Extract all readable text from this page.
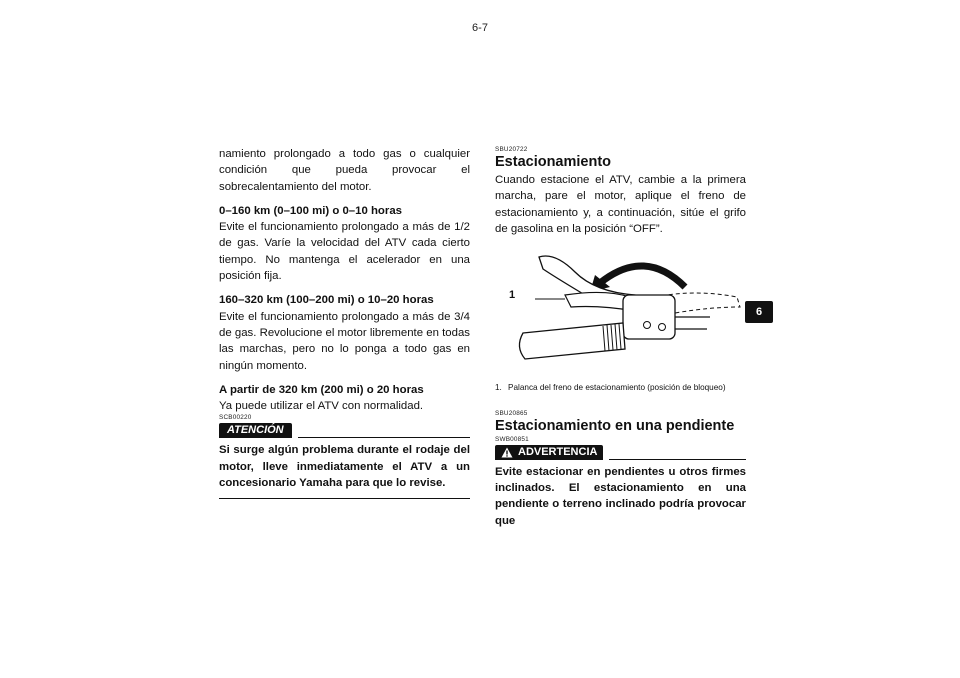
6-7

namiento prolongado a todo gas o cualquier condición que pueda provocar el sobrecalentamiento del motor.

0–160 km (0–100 mi) o 0–10 horas

Evite el funcionamiento prolongado a más de 1/2 de gas. Varíe la velocidad del ATV cada cierto tiempo. No mantenga el acelerador en una posición fija.

160–320 km (100–200 mi) o 10–20 horas

Evite el funcionamiento prolongado a más de 3/4 de gas. Revolucione el motor libremente en todas las marchas, pero no lo ponga a todo gas en ningún momento.

A partir de 320 km (200 mi) o 20 horas

Ya puede utilizar el ATV con normalidad.

SCB00220
ATENCIÓN

Si surge algún problema durante el rodaje del motor, lleve inmediatamente el ATV a un concesionario Yamaha para que lo revise.

SBU20722
Estacionamiento

Cuando estacione el ATV, cambie a la primera marcha, pare el motor, aplique el freno de estacionamiento y, a continuación, sitúe el grifo de gasolina en la posición “OFF”.

1
1. Palanca del freno de estacionamiento (posición de bloqueo)
SBU20865
Estacionamiento en una pendiente
SWB00851
ADVERTENCIA

Evite estacionar en pendientes u otros firmes inclinados. El estacionamiento en una pendiente o terreno inclinado podría provocar que

6
